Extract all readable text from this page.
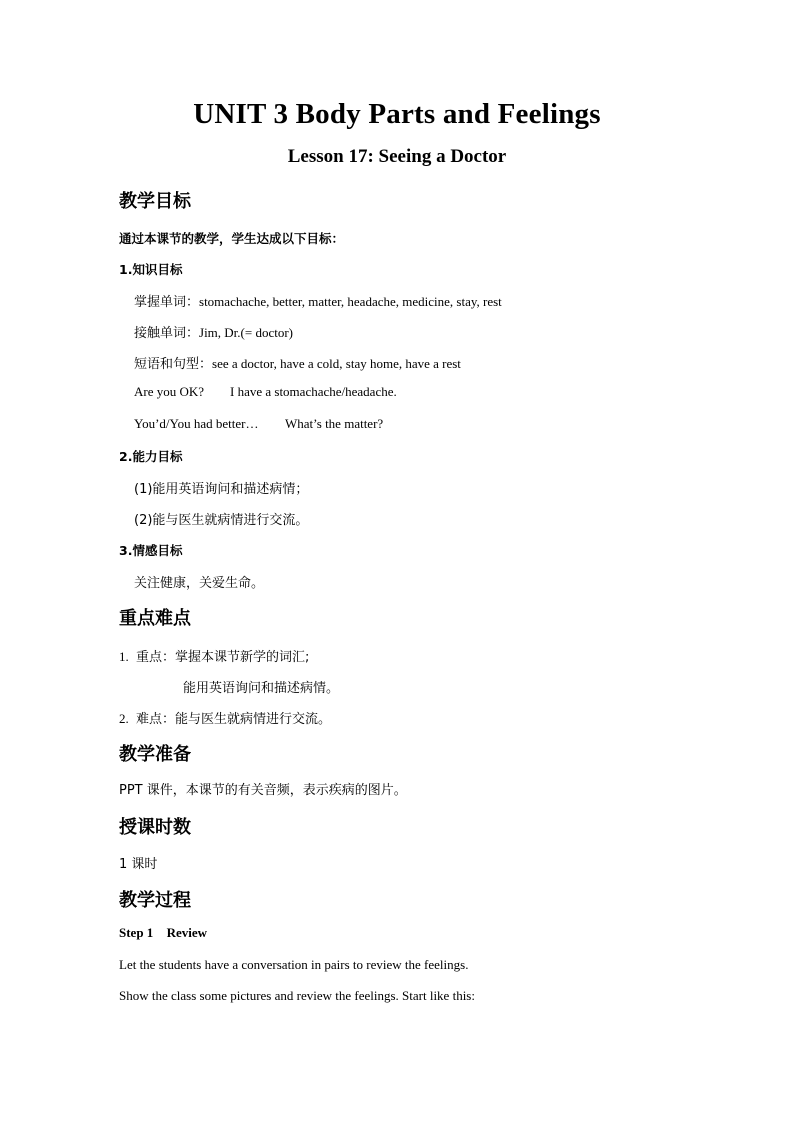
UNIT 3 Body Parts and Feelings
Lesson 17: Seeing a Doctor
教学目标
通过本课节的教学，学生达成以下目标：
1.知识目标
掌握单词：stomachache, better, matter, headache, medicine, stay, rest
接触单词：Jim, Dr.(= doctor)
短语和句型：see a doctor, have a cold, stay home, have a rest
Are you OK? I have a stomachache/headache.
You’d/You had better… What’s the matter?
2.能力目标
(1)能用英语询问和描述病情；
(2)能与医生就病情进行交流。
3.情感目标
关注健康，关爱生命。
重点难点
1. 重点：掌握本课节新学的词汇;
能用英语询问和描述病情。
2. 难点：能与医生就病情进行交流。
教学准备
PPT 课件，本课节的有关音频，表示疾病的图片。
授课时数
1 课时
教学过程
Step 1 Review
Let the students have a conversation in pairs to review the feelings.
Show the class some pictures and review the feelings. Start like this:
